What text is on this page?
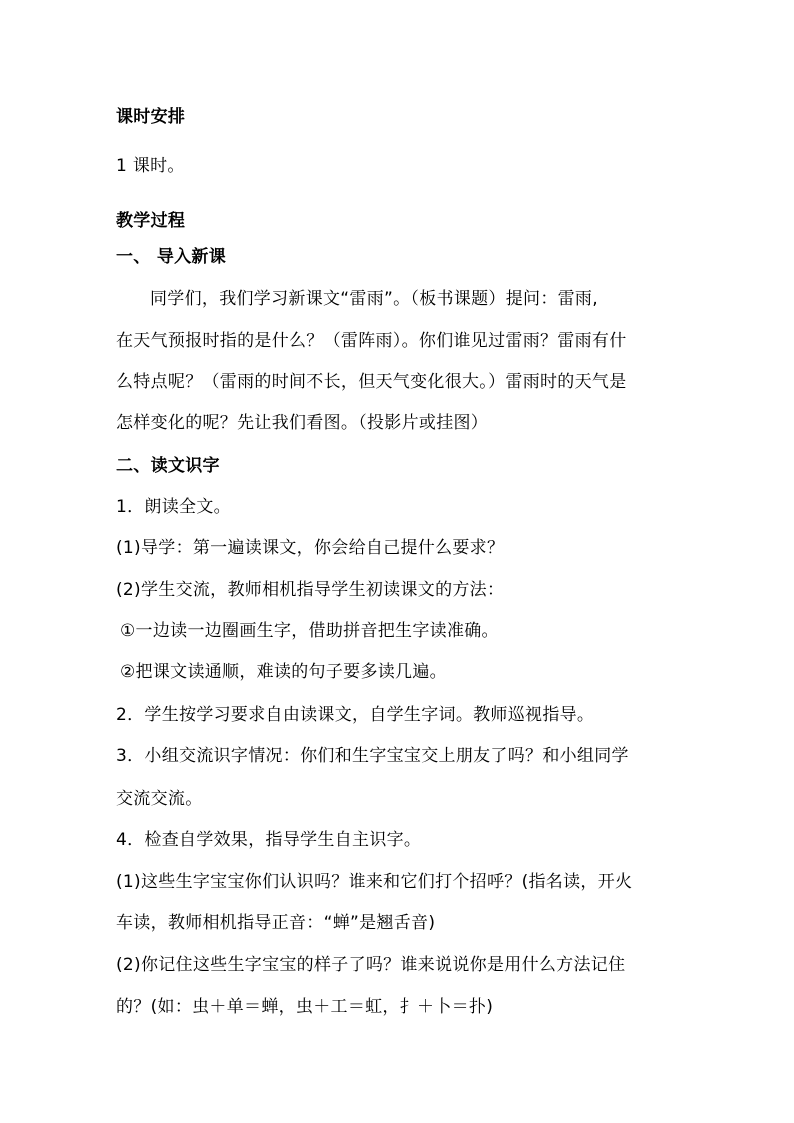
课时安排
1 课时。
教学过程
一、 导入新课
同学们，我们学习新课文“雷雨”。（板书课题）提问：雷雨,
在天气预报时指的是什么？（雷阵雨）。你们谁见过雷雨？雷雨有什
么特点呢？（雷雨的时间不长，但天气变化很大。）雷雨时的天气是
怎样变化的呢？先让我们看图。（投影片或挂图）
二、读文识字
1．朗读全文。
(1)导学：第一遍读课文，你会给自己提什么要求？
(2)学生交流，教师相机指导学生初读课文的方法：
①一边读一边圈画生字，借助拼音把生字读准确。
②把课文读通顺，难读的句子要多读几遍。
2．学生按学习要求自由读课文，自学生字词。教师巡视指导。
3．小组交流识字情况：你们和生字宝宝交上朋友了吗？和小组同学
交流交流。
4．检查自学效果，指导学生自主识字。
(1)这些生字宝宝你们认识吗？谁来和它们打个招呼？(指名读，开火
车读，教师相机指导正音：“蝉”是翘舌音)
(2)你记住这些生字宝宝的样子了吗？谁来说说你是用什么方法记住
的？(如：虫＋单＝蝉，虫＋工＝虹，扌＋卜＝扑)
